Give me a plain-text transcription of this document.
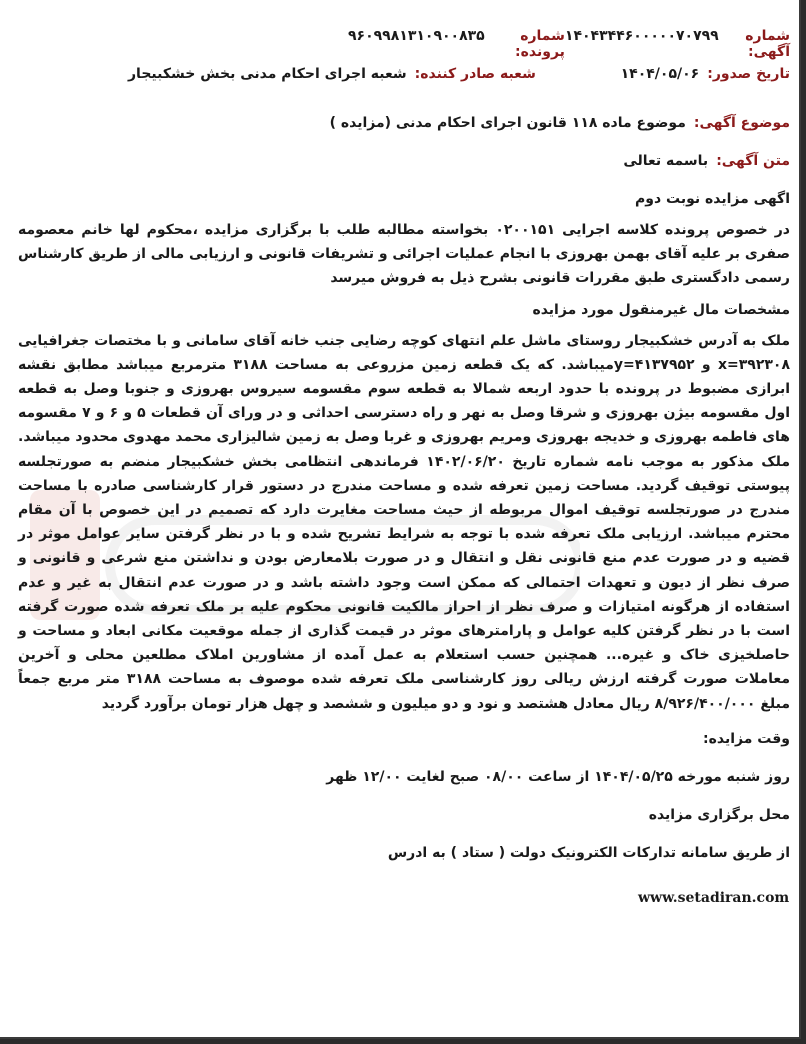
شماره آگهی:
۱۴۰۴۳۴۴۶۰۰۰۰۰۷۰۷۹۹
شماره پرونده:
۹۶۰۹۹۸۱۳۱۰۹۰۰۸۳۵
تاریخ صدور:
۱۴۰۴/۰۵/۰۶
شعبه صادر کننده:
شعبه اجرای احکام مدنی بخش خشکبیجار
موضوع آگهی:
موضوع ماده ۱۱۸ قانون اجرای احکام مدنی (مزایده )
متن آگهی:
باسمه تعالی
اگهی مزایده نوبت دوم

در خصوص پرونده کلاسه اجرایی ۰۲۰۰۱۵۱ بخواسته مطالبه طلب با برگزاری مزایده ،محکوم لها خانم معصومه صفری بر علیه آقای بهمن بهروزی با انجام عملیات اجرائی و تشریفات قانونی و ارزیابی مالی از طریق کارشناس رسمی دادگستری طبق مقررات قانونی بشرح ذیل به فروش میرسد

مشخصات مال غیرمنقول مورد مزایده

ملک به آدرس خشکبیجار روستای ماشل علم انتهای کوچه رضایی جنب خانه آقای سامانی و با مختصات جغرافیایی x=۳۹۲۳۰۸ و y=۴۱۳۷۹۵۲میباشد. که یک قطعه زمین مزروعی به مساحت ۳۱۸۸ مترمربع میباشد مطابق نقشه ابرازی مضبوط در پرونده با حدود اربعه شمالا به قطعه سوم مقسومه سیروس بهروزی و جنوبا وصل به قطعه اول مقسومه بیژن بهروزی و شرقا وصل به نهر و راه دسترسی احداثی و در ورای آن قطعات ۵ و ۶ و ۷ مقسومه های فاطمه بهروزی و خدیجه بهروزی ومریم بهروزی و غربا وصل به زمین شالیزاری محمد مهدوی محدود میباشد. ملک مذکور به موجب نامه شماره تاریخ ۱۴۰۲/۰۶/۲۰ فرماندهی انتظامی بخش خشکبیجار منضم به صورتجلسه پیوستی توقیف گردید. مساحت زمین تعرفه شده و مساحت مندرج در دستور قرار کارشناسی صادره با مساحت مندرج در صورتجلسه توقیف اموال مربوطه از حیث مساحت مغایرت دارد که تصمیم در این خصوص با آن مقام محترم میباشد. ارزیابی ملک تعرفه شده با توجه به شرایط تشریح شده و با در نظر گرفتن سایر عوامل موثر در قضیه و در صورت عدم منع قانونی نقل و انتقال و در صورت بلامعارض بودن و نداشتن منع شرعی و قانونی و صرف نظر از دیون و تعهدات احتمالی که ممکن است وجود داشته باشد و در صورت عدم انتقال به غیر و عدم استفاده از هرگونه امتیازات و صرف نظر از احراز مالکیت قانونی محکوم علیه بر ملک تعرفه شده صورت گرفته است با در نظر گرفتن کلیه عوامل و پارامترهای موثر در قیمت گذاری از جمله موقعیت مکانی ابعاد و مساحت و حاصلخیزی خاک و غیره... همچنین حسب استعلام به عمل آمده از مشاورین املاک مطلعین محلی و آخرین معاملات صورت گرفته ارزش ریالی روز کارشناسی ملک تعرفه شده موصوف به مساحت ۳۱۸۸ متر مربع جمعاً مبلغ ۸/۹۲۶/۴۰۰/۰۰۰ ریال معادل هشتصد و نود و دو میلیون و ششصد و چهل هزار تومان برآورد گردید

وقت مزایده:
روز شنبه مورخه ۱۴۰۴/۰۵/۲۵ از ساعت ۰۸/۰۰ صبح لغایت ۱۲/۰۰ ظهر
محل برگزاری مزایده
از طریق سامانه تدارکات الکترونیک دولت ( ستاد ) به ادرس
www.setadiran.com
